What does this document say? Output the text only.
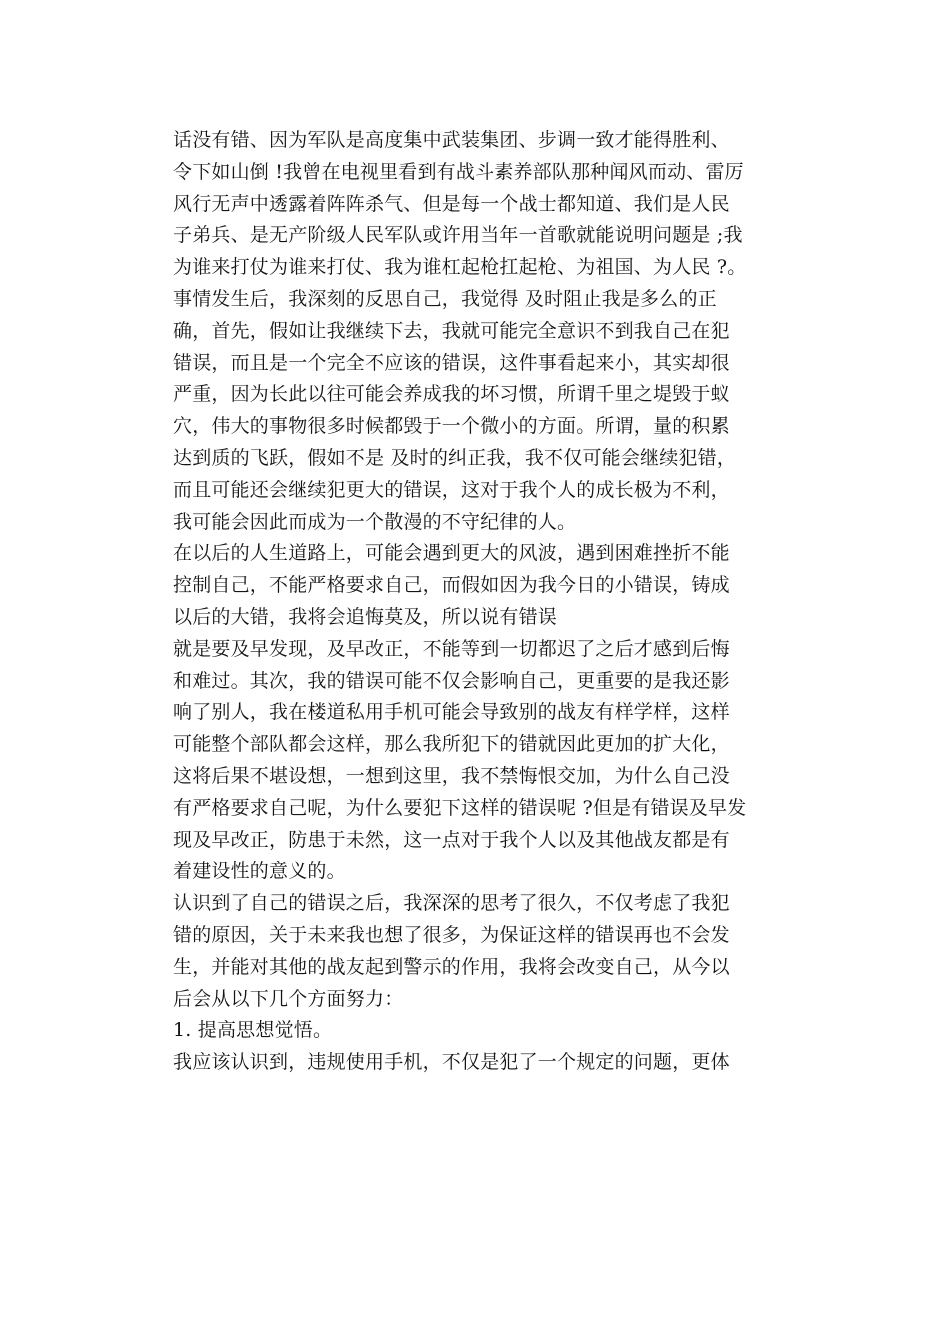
话没有错、因为军队是高度集中武装集团、步调一致才能得胜利、
令下如山倒 !我曾在电视里看到有战斗素养部队那种闻风而动、雷厉
风行无声中透露着阵阵杀气、但是每一个战士都知道、我们是人民
子弟兵、是无产阶级人民军队或许用当年一首歌就能说明问题是 ;我
为谁来打仗为谁来打仗、我为谁杠起枪扛起枪、为祖国、为人民 ?。
事情发生后，我深刻的反思自己，我觉得 及时阻止我是多么的正
确，首先，假如让我继续下去，我就可能完全意识不到我自己在犯
错误，而且是一个完全不应该的错误，这件事看起来小，其实却很
严重，因为长此以往可能会养成我的坏习惯，所谓千里之堤毁于蚁
穴，伟大的事物很多时候都毁于一个微小的方面。所谓，量的积累
达到质的飞跃，假如不是 及时的纠正我，我不仅可能会继续犯错，
而且可能还会继续犯更大的错误，这对于我个人的成长极为不利，
我可能会因此而成为一个散漫的不守纪律的人。
在以后的人生道路上，可能会遇到更大的风波，遇到困难挫折不能
控制自己，不能严格要求自己，而假如因为我今日的小错误，铸成
以后的大错，我将会追悔莫及，所以说有错误
就是要及早发现，及早改正，不能等到一切都迟了之后才感到后悔
和难过。其次，我的错误可能不仅会影响自己，更重要的是我还影
响了别人，我在楼道私用手机可能会导致别的战友有样学样，这样
可能整个部队都会这样，那么我所犯下的错就因此更加的扩大化，
这将后果不堪设想，一想到这里，我不禁悔恨交加，为什么自己没
有严格要求自己呢，为什么要犯下这样的错误呢 ?但是有错误及早发
现及早改正，防患于未然，这一点对于我个人以及其他战友都是有
着建设性的意义的。
认识到了自己的错误之后，我深深的思考了很久，不仅考虑了我犯
错的原因，关于未来我也想了很多，为保证这样的错误再也不会发
生，并能对其他的战友起到警示的作用，我将会改变自己，从今以
后会从以下几个方面努力：
1. 提高思想觉悟。
我应该认识到，违规使用手机，不仅是犯了一个规定的问题，更体
